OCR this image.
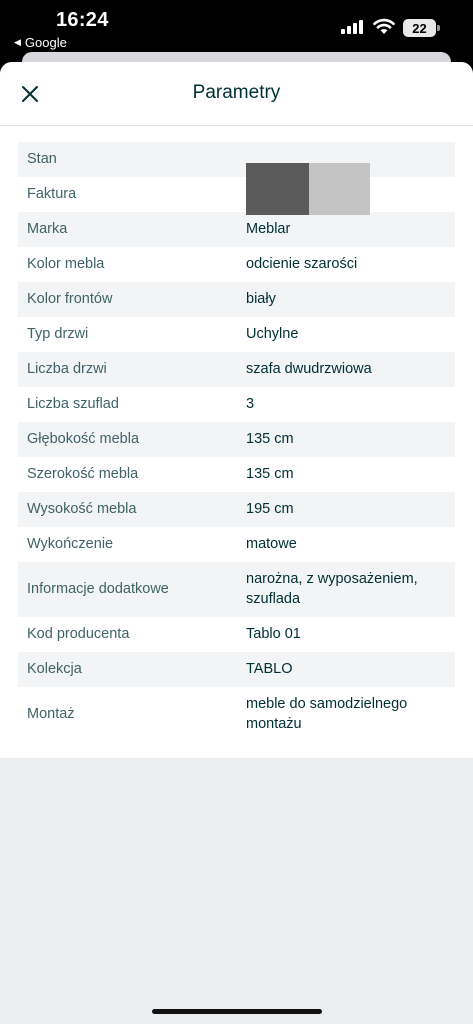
16:24
◀ Google
22
Parametry
Stan	
Faktura	
Marka	Meblar
Kolor mebla	odcienie szarości
Kolor frontów	biały
Typ drzwi	Uchylne
Liczba drzwi	szafa dwudrzwiowa
Liczba szuflad	3
Głębokość mebla	135 cm
Szerokość mebla	135 cm
Wysokość mebla	195 cm
Wykończenie	matowe
Informacje dodatkowe	narożna, z wyposażeniem, szuflada
Kod producenta	Tablo 01
Kolekcja	TABLO
Montaż	meble do samodzielnego montażu
